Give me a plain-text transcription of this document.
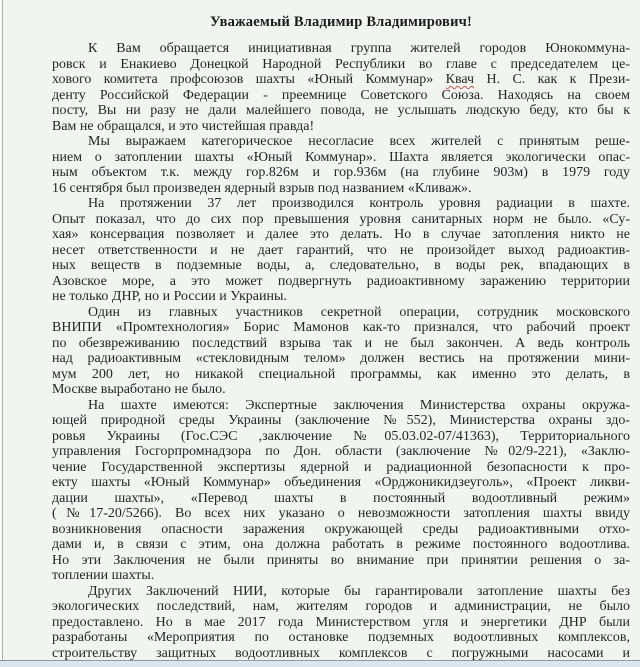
Уважаемый Владимир Владимирович!
К Вам обращается инициативная группа жителей городов Юнокоммуна-
ровск и Енакиево Донецкой Народной Республики во главе с председателем це-
хового комитета профсоюзов шахты «Юный Коммунар» Квач Н. С. как к Прези-
денту Российской Федерации - преемнице Советского Союза. Находясь на своем
посту, Вы ни разу не дали малейшего повода, не услышать людскую беду, кто бы к
Вам не обращался, и это чистейшая правда!
Мы выражаем категорическое несогласие всех жителей с принятым реше-
нием о затоплении шахты «Юный Коммунар». Шахта является экологически опас-
ным объектом т.к. между гор.826м и гор.936м (на глубине 903м) в 1979 году
16 сентября был произведен ядерный взрыв под названием «Кливаж».
На протяжении 37 лет производился контроль уровня радиации в шахте.
Опыт показал, что до сих пор превышения уровня санитарных норм не было. «Су-
хая» консервация позволяет и далее это делать. Но в случае затопления никто не
несет ответственности и не дает гарантий, что не произойдет выход радиоактив-
ных веществ в подземные воды, а, следовательно, в воды рек, впадающих в
Азовское море, а это может подвергнуть радиоактивному заражению территории
не только ДНР, но и России и Украины.
Один из главных участников секретной операции, сотрудник московского
ВНИПИ «Промтехнология» Борис Мамонов как-то признался, что рабочий проект
по обезвреживанию последствий взрыва так и не был закончен. А ведь контроль
над радиоактивным «стекловидным телом» должен вестись на протяжении мини-
мум 200 лет, но никакой специальной программы, как именно это делать, в
Москве выработано не было.
На шахте имеются: Экспертные заключения Министерства охраны окружа-
ющей природной среды Украины (заключение №552), Министерства охраны здо-
ровья Украины (Гос.СЭС ,заключение №05.03.02-07/41363), Территориального
управления Госгорпромнадзора по Дон. области (заключение №02/9-221), «Заклю-
чение Государственной экспертизы ядерной и радиационной безопасности к про-
екту шахты «Юный Коммунар» объединения «Орджоникидзеуголь», «Проект ликви-
дации шахты», «Перевод шахты в постоянный водоотливный режим»
(№17-20/5266). Во всех них указано о невозможности затопления шахты ввиду
возникновения опасности заражения окружающей среды радиоактивными отхо-
дами и, в связи с этим, она должна работать в режиме постоянного водоотлива.
Но эти Заключения не были приняты во внимание при принятии решения о за-
топлении шахты.
Других Заключений НИИ, которые бы гарантировали затопление шахты без
экологических последствий, нам, жителям городов и администрации, не было
предоставлено. Но в мае 2017 года Министерством угля и энергетики ДНР были
разработаны «Мероприятия по остановке подземных водоотливных комплексов,
строительству защитных водоотливных комплексов с погружными насосами и
